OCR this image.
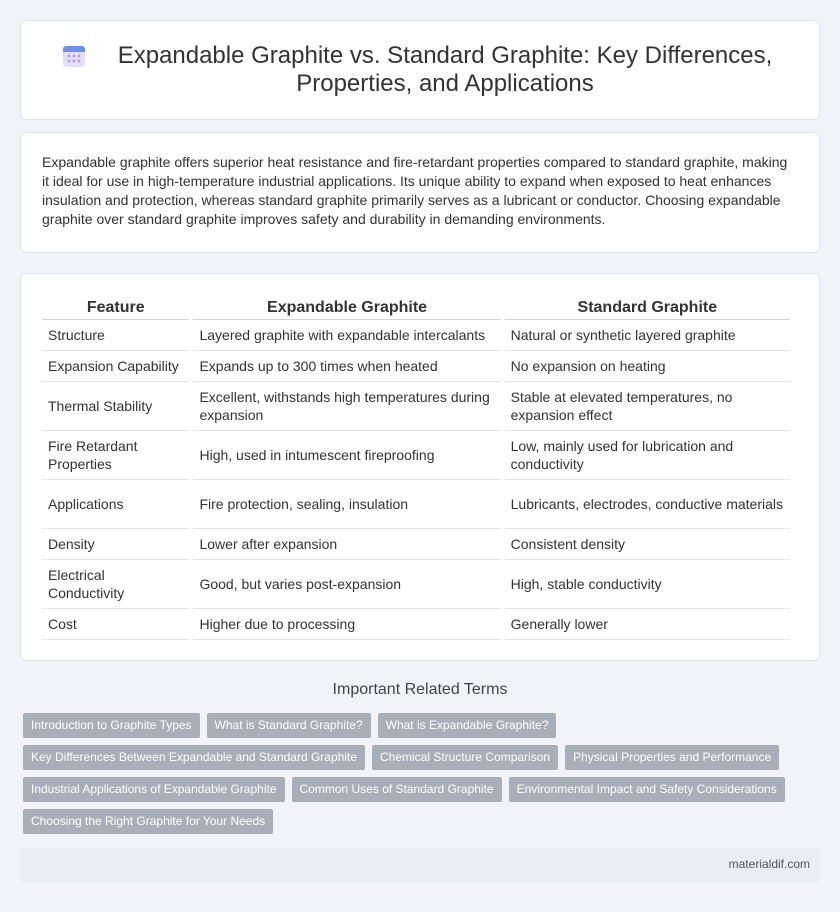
Expandable Graphite vs. Standard Graphite: Key Differences, Properties, and Applications

Expandable graphite offers superior heat resistance and fire-retardant properties compared to standard graphite, making it ideal for use in high-temperature industrial applications. Its unique ability to expand when exposed to heat enhances insulation and protection, whereas standard graphite primarily serves as a lubricant or conductor. Choosing expandable graphite over standard graphite improves safety and durability in demanding environments.

Feature	Expandable Graphite	Standard Graphite
Structure	Layered graphite with expandable intercalants	Natural or synthetic layered graphite
Expansion Capability	Expands up to 300 times when heated	No expansion on heating
Thermal Stability	Excellent, withstands high temperatures during expansion	Stable at elevated temperatures, no expansion effect
Fire Retardant Properties	High, used in intumescent fireproofing	Low, mainly used for lubrication and conductivity
Applications	Fire protection, sealing, insulation	Lubricants, electrodes, conductive materials
Density	Lower after expansion	Consistent density
Electrical Conductivity	Good, but varies post-expansion	High, stable conductivity
Cost	Higher due to processing	Generally lower
Important Related Terms
Introduction to Graphite Types	What is Standard Graphite?	What is Expandable Graphite?
Key Differences Between Expandable and Standard Graphite	Chemical Structure Comparison	Physical Properties and Performance
Industrial Applications of Expandable Graphite	Common Uses of Standard Graphite	Environmental Impact and Safety Considerations
Choosing the Right Graphite for Your Needs
materialdif.com
